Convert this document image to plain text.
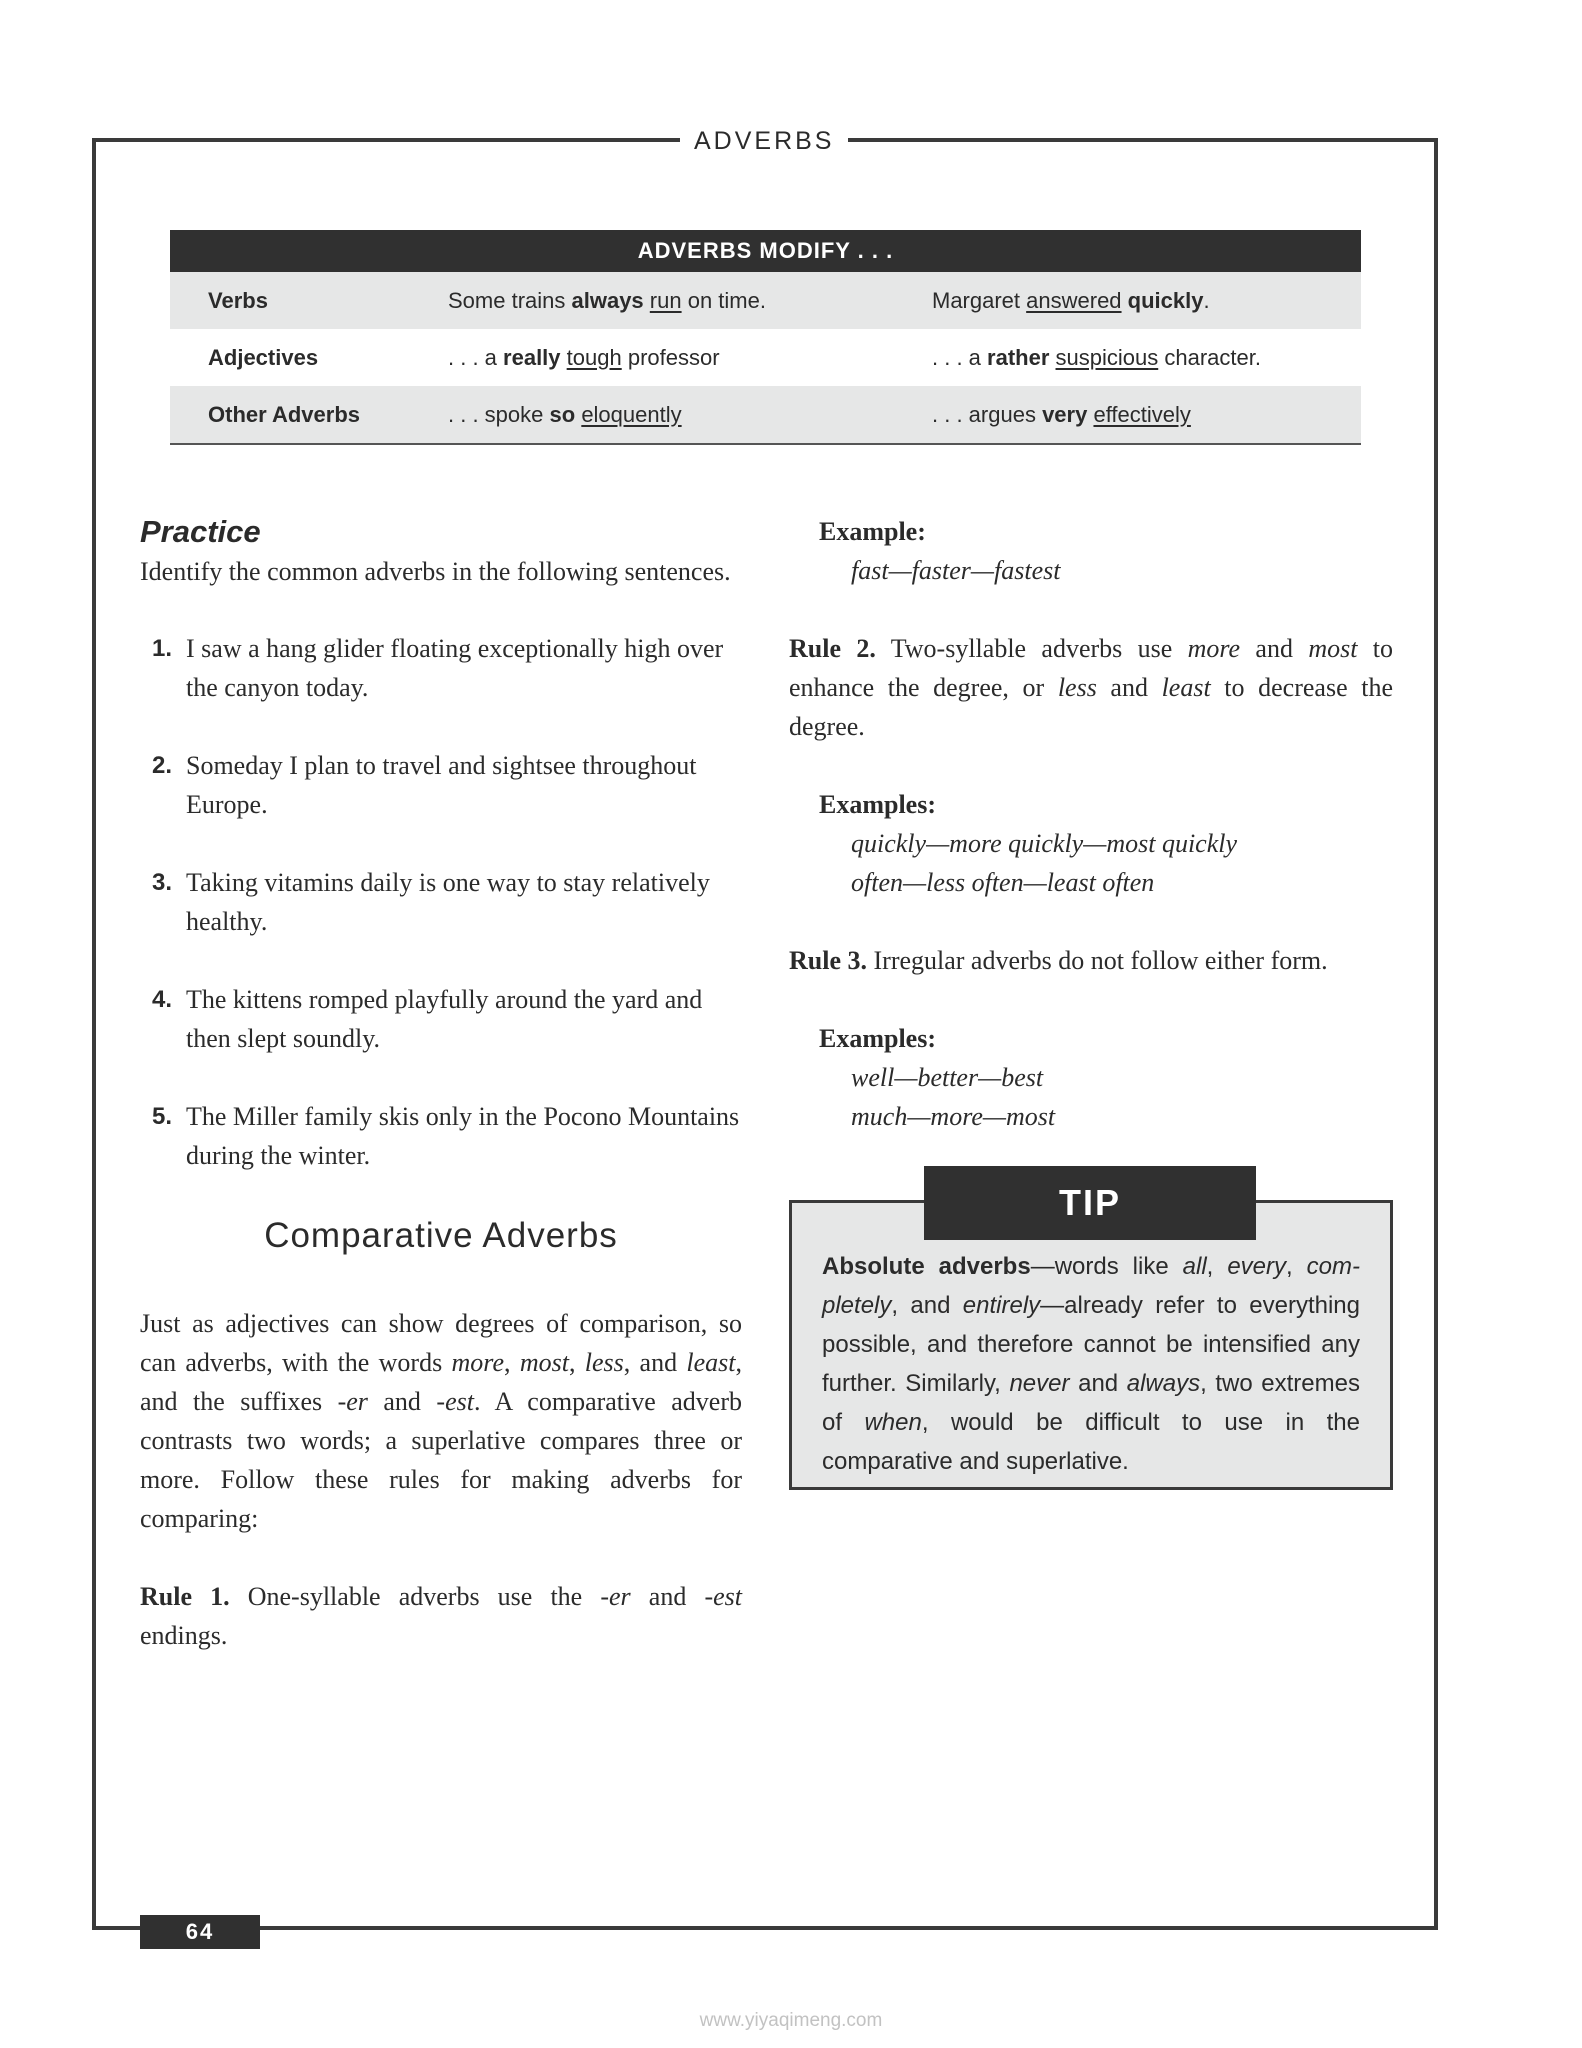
ADVERBS
ADVERBS MODIFY . . .		
Verbs	Some trains always run on time.	Margaret answered quickly.
Adjectives	. . . a really tough professor	. . . a rather suspicious character.
Other Adverbs	. . . spoke so eloquently	. . . argues very effectively
Practice

Identify the common adverbs in the following sentences.

1. I saw a hang glider floating exceptionally high over the canyon today.
2. Someday I plan to travel and sightsee throughout Europe.
3. Taking vitamins daily is one way to stay relatively healthy.
4. The kittens romped playfully around the yard and then slept soundly.
5. The Miller family skis only in the Pocono Mountains during the winter.
Comparative Adverbs

Just as adjectives can show degrees of comparison, so can adverbs, with the words more, most, less, and least, and the suffixes -er and -est. A comparative adverb contrasts two words; a superlative compares three or more. Follow these rules for making adverbs for comparing:

Rule 1. One-syllable adverbs use the -er and -est endings.

Example:

fast—faster—fastest

Rule 2. Two-syllable adverbs use more and most to enhance the degree, or less and least to decrease the degree.

Examples:

quickly—more quickly—most quickly

often—less often—least often

Rule 3. Irregular adverbs do not follow either form.

Examples:

well—better—best

much—more—most

TIP
Absolute adverbs—words like all, every, com-pletely, and entirely—already refer to everything possible, and therefore cannot be intensified any further. Similarly, never and always, two extremes of when, would be difficult to use in the comparative and superlative.
64
www.yiyaqimeng.com
